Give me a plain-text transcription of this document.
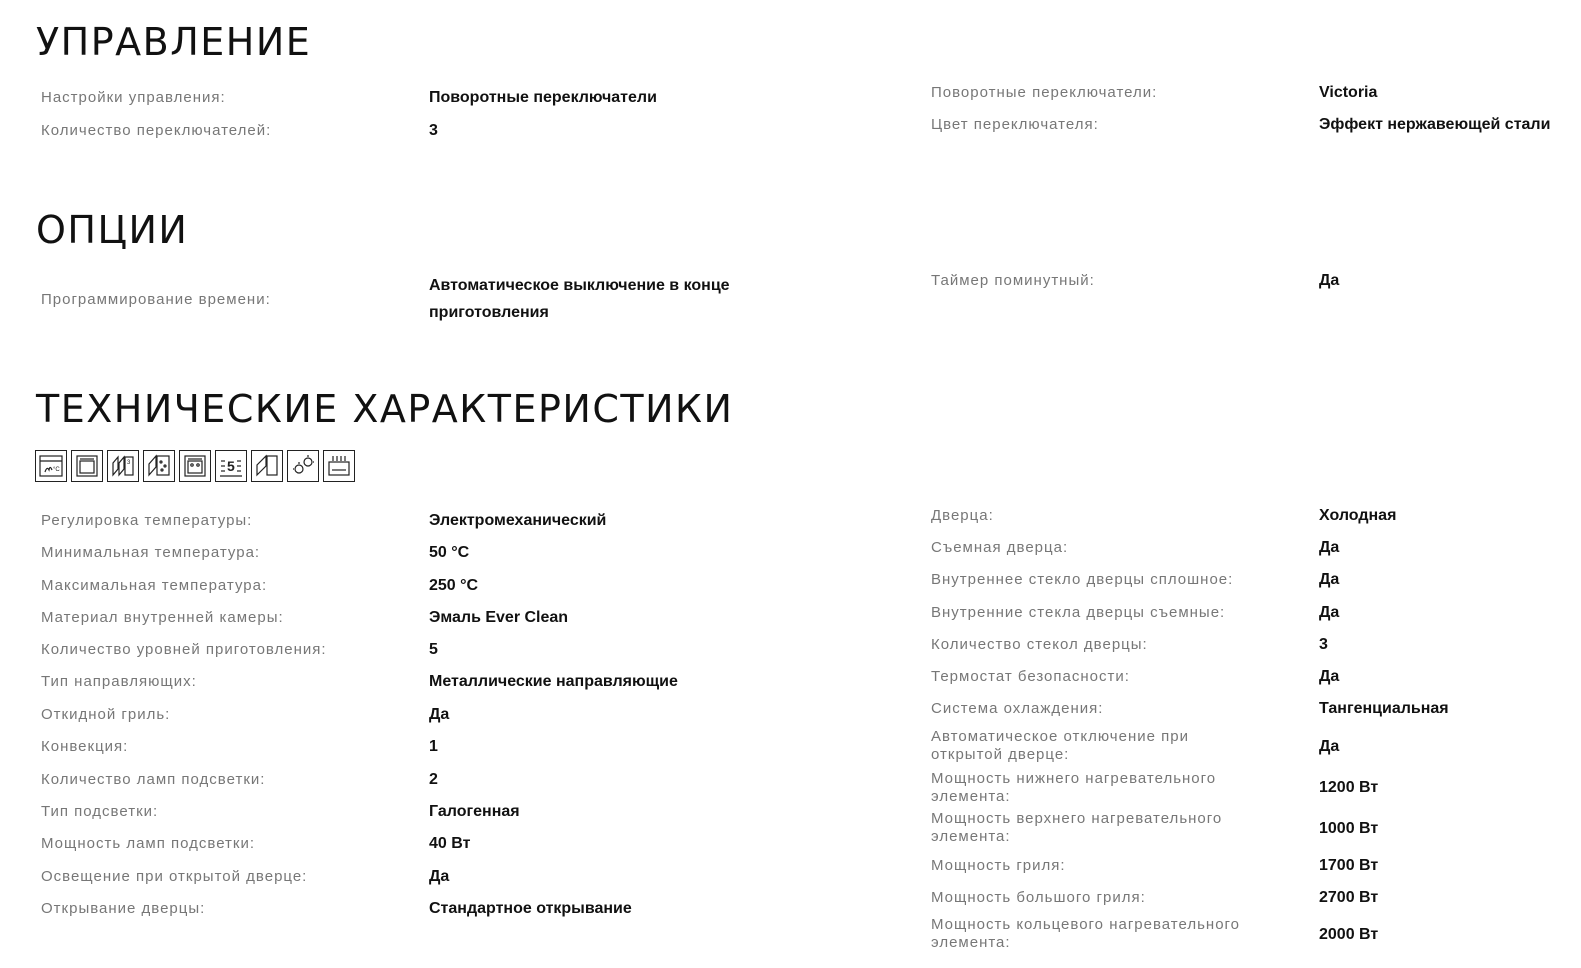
УПРАВЛЕНИЕ
ОПЦИИ
ТЕХНИЧЕСКИЕ ХАРАКТЕРИСТИКИ
°C
3	5
Настройки управления:	Поворотные переключатели
Количество переключателей:	3
Поворотные переключатели:	Victoria
Цвет переключателя:	Эффект нержавеющей стали
Программирование времени:
Автоматическое выключение в конце приготовления
Таймер поминутный:	Да
Регулировка температуры:	Электромеханический
Минимальная температура:	50 °C
Максимальная температура:	250 °C
Материал внутренней камеры:	Эмаль Ever Clean
Количество уровней приготовления:	5
Тип направляющих:	Металлические направляющие
Откидной гриль:	Да
Конвекция:	1
Количество ламп подсветки:	2
Тип подсветки:	Галогенная
Мощность ламп подсветки:	40 Вт
Освещение при открытой дверце:	Да
Открывание дверцы:	Стандартное открывание
Дверца:	Холодная
Съемная дверца:	Да
Внутреннее стекло дверцы сплошное:	Да
Внутренние стекла дверцы съемные:	Да
Количество стекол дверцы:	3
Термостат безопасности:	Да
Система охлаждения:	Тангенциальная
Автоматическое отключение при открытой дверце:	Да
Мощность нижнего нагревательного элемента:
1200 Вт
Мощность верхнего нагревательного элемента:	1000 Вт
Мощность гриля:	1700 Вт
Мощность большого гриля:	2700 Вт
Мощность кольцевого нагревательного элемента:	2000 Вт
